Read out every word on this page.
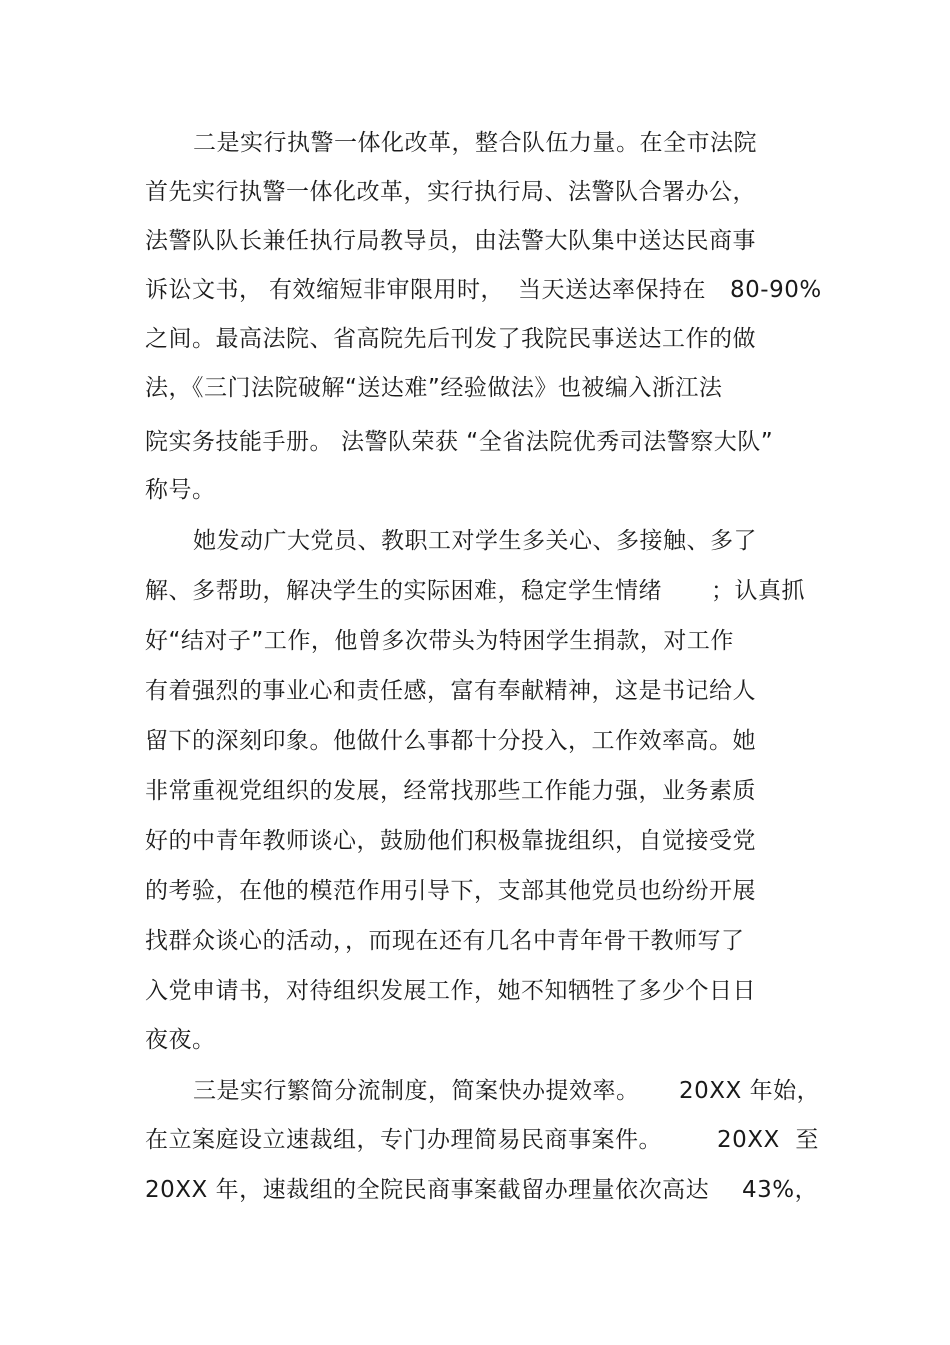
二是实行执警一体化改革，整合队伍力量。在全市法院
首先实行执警一体化改革，实行执行局、法警队合署办公，
法警队队长兼任执行局教导员，由法警大队集中送达民商事

诉讼文书，

有效缩短非审限用时，

当天送达率保持在

80-90%

之间。最高法院、省高院先后刊发了我院民事送达工作的做
法，《三门法院破解“送达难”经验做法》也被编入浙江法

院实务技能手册。

法警队荣获 “全省法院优秀司法警察大队”

称号。
她发动广大党员、教职工对学生多关心、多接触、多了

解、多帮助，解决学生的实际困难，稳定学生情绪

；认真抓

好“结对子”工作，他曾多次带头为特困学生捐款，对工作
有着强烈的事业心和责任感，富有奉献精神，这是书记给人
留下的深刻印象。他做什么事都十分投入，工作效率高。她
非常重视党组织的发展，经常找那些工作能力强，业务素质
好的中青年教师谈心，鼓励他们积极靠拢组织，自觉接受党
的考验，在他的模范作用引导下，支部其他党员也纷纷开展
找群众谈心的活动，，而现在还有几名中青年骨干教师写了
入党申请书，对待组织发展工作，她不知牺牲了多少个日日
夜夜。

三是实行繁简分流制度，简案快办提效率。

20XX 年始，

在立案庭设立速裁组，专门办理简易民商事案件。

20XX  至

20XX 年，速裁组的全院民商事案截留办理量依次高达

43%，
